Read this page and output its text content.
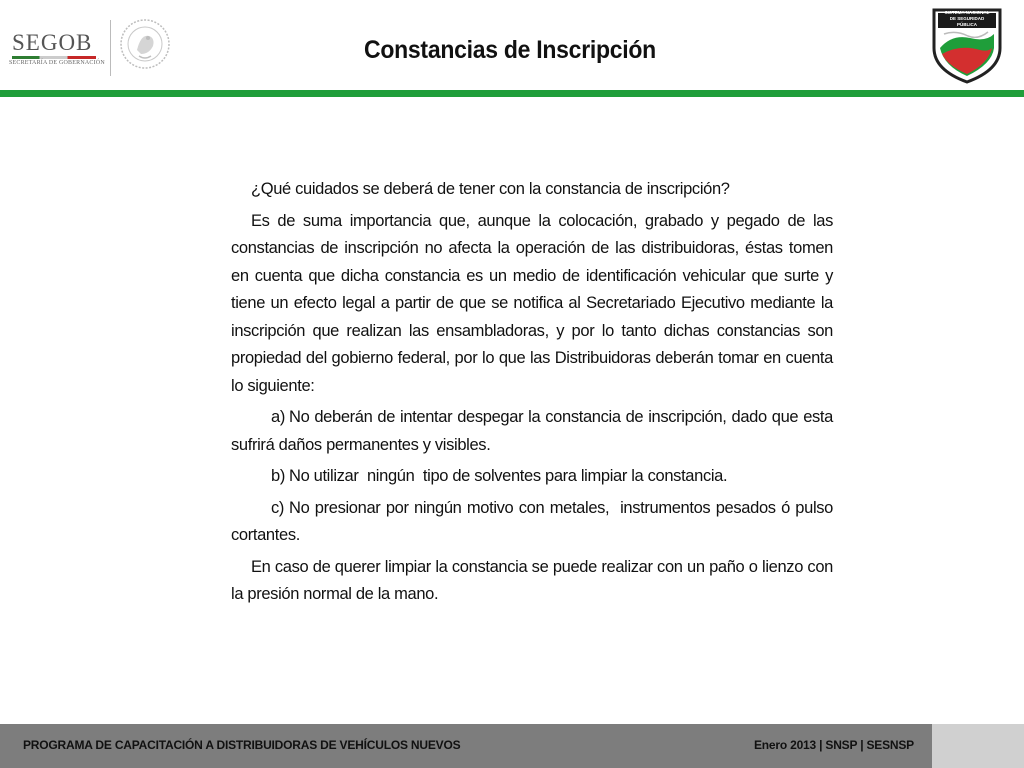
SEGOB
SECRETARÍA DE GOBERNACIÓN	Constancias de Inscripción
SISTEMA NACIONAL DE SEGURIDAD PÚBLICA

¿Qué cuidados se deberá de tener con la constancia de inscripción?

Es de suma importancia que, aunque la colocación, grabado y pegado de las constancias de inscripción no afecta la operación de las distribuidoras, éstas tomen en cuenta que dicha constancia es un medio de identificación vehicular que surte y tiene un efecto legal a partir de que se notifica al Secretariado Ejecutivo mediante la inscripción que realizan las ensambladoras, y por lo tanto dichas constancias son propiedad del gobierno federal, por lo que las Distribuidoras deberán tomar en cuenta lo siguiente:

a) No deberán de intentar despegar la constancia de inscripción, dado que esta sufrirá daños permanentes y visibles.

b) No utilizar  ningún  tipo de solventes para limpiar la constancia.

c) No presionar por ningún motivo con metales,  instrumentos pesados ó pulso cortantes.

En caso de querer limpiar la constancia se puede realizar con un paño o lienzo con la presión normal de la mano.

PROGRAMA DE CAPACITACIÓN A DISTRIBUIDORAS DE VEHÍCULOS NUEVOS	Enero 2013 | SNSP | SESNSP
